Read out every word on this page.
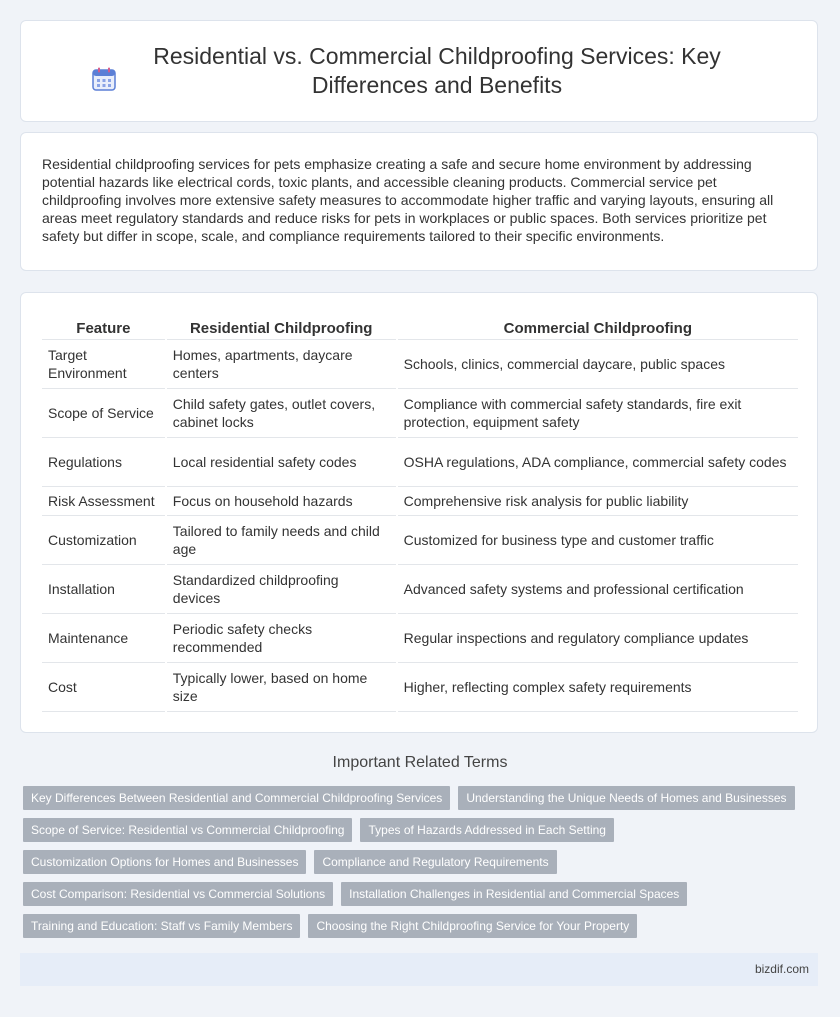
Residential vs. Commercial Childproofing Services: Key Differences and Benefits

Residential childproofing services for pets emphasize creating a safe and secure home environment by addressing potential hazards like electrical cords, toxic plants, and accessible cleaning products. Commercial service pet childproofing involves more extensive safety measures to accommodate higher traffic and varying layouts, ensuring all areas meet regulatory standards and reduce risks for pets in workplaces or public spaces. Both services prioritize pet safety but differ in scope, scale, and compliance requirements tailored to their specific environments.

Feature	Residential Childproofing	Commercial Childproofing
Target Environment	Homes, apartments, daycare centers	Schools, clinics, commercial daycare, public spaces
Scope of Service	Child safety gates, outlet covers, cabinet locks	Compliance with commercial safety standards, fire exit protection, equipment safety
Regulations	Local residential safety codes	OSHA regulations, ADA compliance, commercial safety codes
Risk Assessment	Focus on household hazards	Comprehensive risk analysis for public liability
Customization	Tailored to family needs and child age	Customized for business type and customer traffic
Installation	Standardized childproofing devices	Advanced safety systems and professional certification
Maintenance	Periodic safety checks recommended	Regular inspections and regulatory compliance updates
Cost	Typically lower, based on home size	Higher, reflecting complex safety requirements
Important Related Terms
Key Differences Between Residential and Commercial Childproofing Services	Understanding the Unique Needs of Homes and Businesses
Scope of Service: Residential vs Commercial Childproofing	Types of Hazards Addressed in Each Setting
Customization Options for Homes and Businesses	Compliance and Regulatory Requirements
Cost Comparison: Residential vs Commercial Solutions	Installation Challenges in Residential and Commercial Spaces
Training and Education: Staff vs Family Members	Choosing the Right Childproofing Service for Your Property
bizdif.com
